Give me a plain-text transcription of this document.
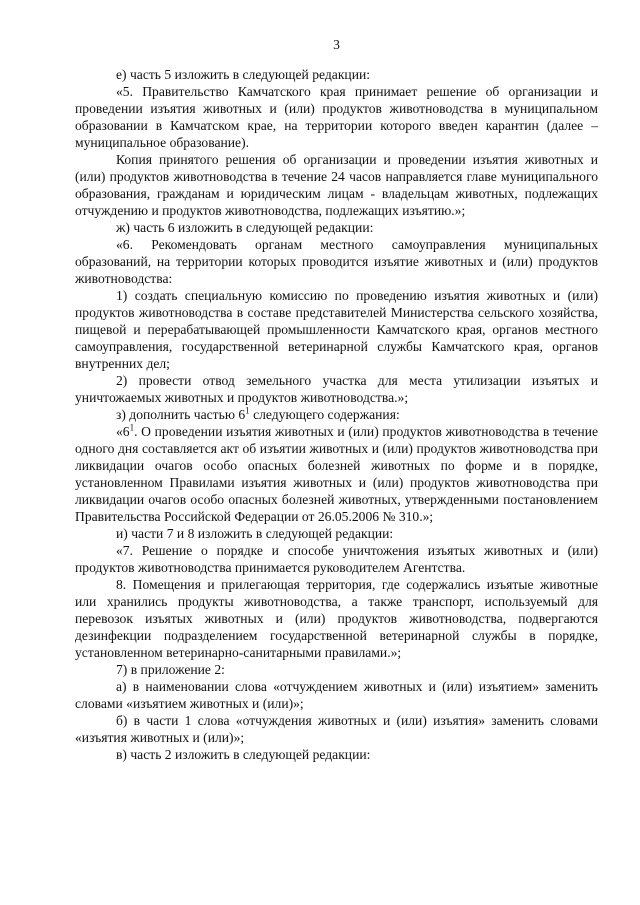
3

е) часть 5 изложить в следующей редакции:

«5. Правительство Камчатского края принимает решение об организации и проведении изъятия животных и (или) продуктов животноводства в муниципальном образовании в Камчатском крае, на территории которого введен карантин (далее – муниципальное образование).

Копия принятого решения об организации и проведении изъятия животных и (или) продуктов животноводства в течение 24 часов направляется главе муниципального образования, гражданам и юридическим лицам - владельцам животных, подлежащих отчуждению и продуктов животноводства, подлежащих изъятию.»;

ж) часть 6 изложить в следующей редакции:

«6. Рекомендовать органам местного самоуправления муниципальных образований, на территории которых проводится изъятие животных и (или) продуктов животноводства:

1) создать специальную комиссию по проведению изъятия животных и (или) продуктов животноводства в составе представителей Министерства сельского хозяйства, пищевой и перерабатывающей промышленности Камчатского края, органов местного самоуправления, государственной ветеринарной службы Камчатского края, органов внутренних дел;

2) провести отвод земельного участка для места утилизации изъятых и уничтожаемых животных и продуктов животноводства.»;

з) дополнить частью $6^1$ следующего содержания:

«$6^1$. О проведении изъятия животных и (или) продуктов животноводства в течение одного дня составляется акт об изъятии животных и (или) продуктов животноводства при ликвидации очагов особо опасных болезней животных по форме и в порядке, установленном Правилами изъятия животных и (или) продуктов животноводства при ликвидации очагов особо опасных болезней животных, утвержденными постановлением Правительства Российской Федерации от 26.05.2006 № 310.»;

и) части 7 и 8 изложить в следующей редакции:

«7. Решение о порядке и способе уничтожения изъятых животных и (или) продуктов животноводства принимается руководителем Агентства.

8. Помещения и прилегающая территория, где содержались изъятые животные или хранились продукты животноводства, а также транспорт, используемый для перевозок изъятых животных и (или) продуктов животноводства, подвергаются дезинфекции подразделением государственной ветеринарной службы в порядке, установленном ветеринарно-санитарными правилами.»;

7) в приложение 2:

а) в наименовании слова «отчуждением животных и (или) изъятием» заменить словами «изъятием животных и (или)»;

б) в части 1 слова «отчуждения животных и (или) изъятия» заменить словами «изъятия животных и (или)»;

в) часть 2 изложить в следующей редакции:
